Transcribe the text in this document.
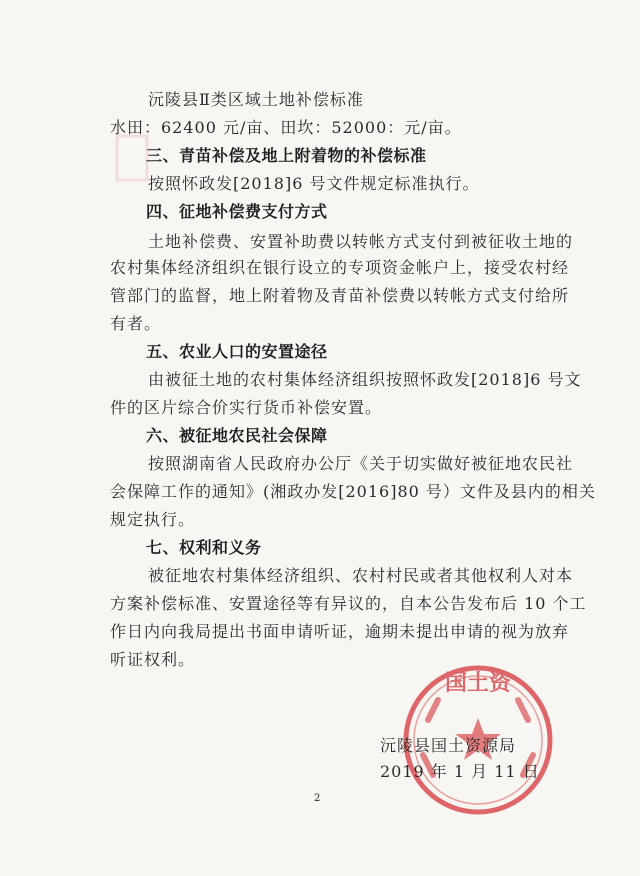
沅陵县Ⅱ类区域土地补偿标准
水田：62400 元/亩、田坎：52000：元/亩。
三、青苗补偿及地上附着物的补偿标准
按照怀政发[2018]6 号文件规定标准执行。
四、征地补偿费支付方式
土地补偿费、安置补助费以转帐方式支付到被征收土地的
农村集体经济组织在银行设立的专项资金帐户上，接受农村经
管部门的监督，地上附着物及青苗补偿费以转帐方式支付给所
有者。
五、农业人口的安置途径
由被征土地的农村集体经济组织按照怀政发[2018]6 号文
件的区片综合价实行货币补偿安置。
六、被征地农民社会保障
按照湖南省人民政府办公厅《关于切实做好被征地农民社
会保障工作的通知》(湘政办发[2016]80 号）文件及县内的相关
规定执行。
七、权利和义务
被征地农村集体经济组织、农村村民或者其他权利人对本
方案补偿标准、安置途径等有异议的，自本公告发布后 10 个工
作日内向我局提出书面申请听证，逾期未提出申请的视为放弃
听证权利。
国土资
沅陵县国土资源局
2019 年 1 月 11 日
2
